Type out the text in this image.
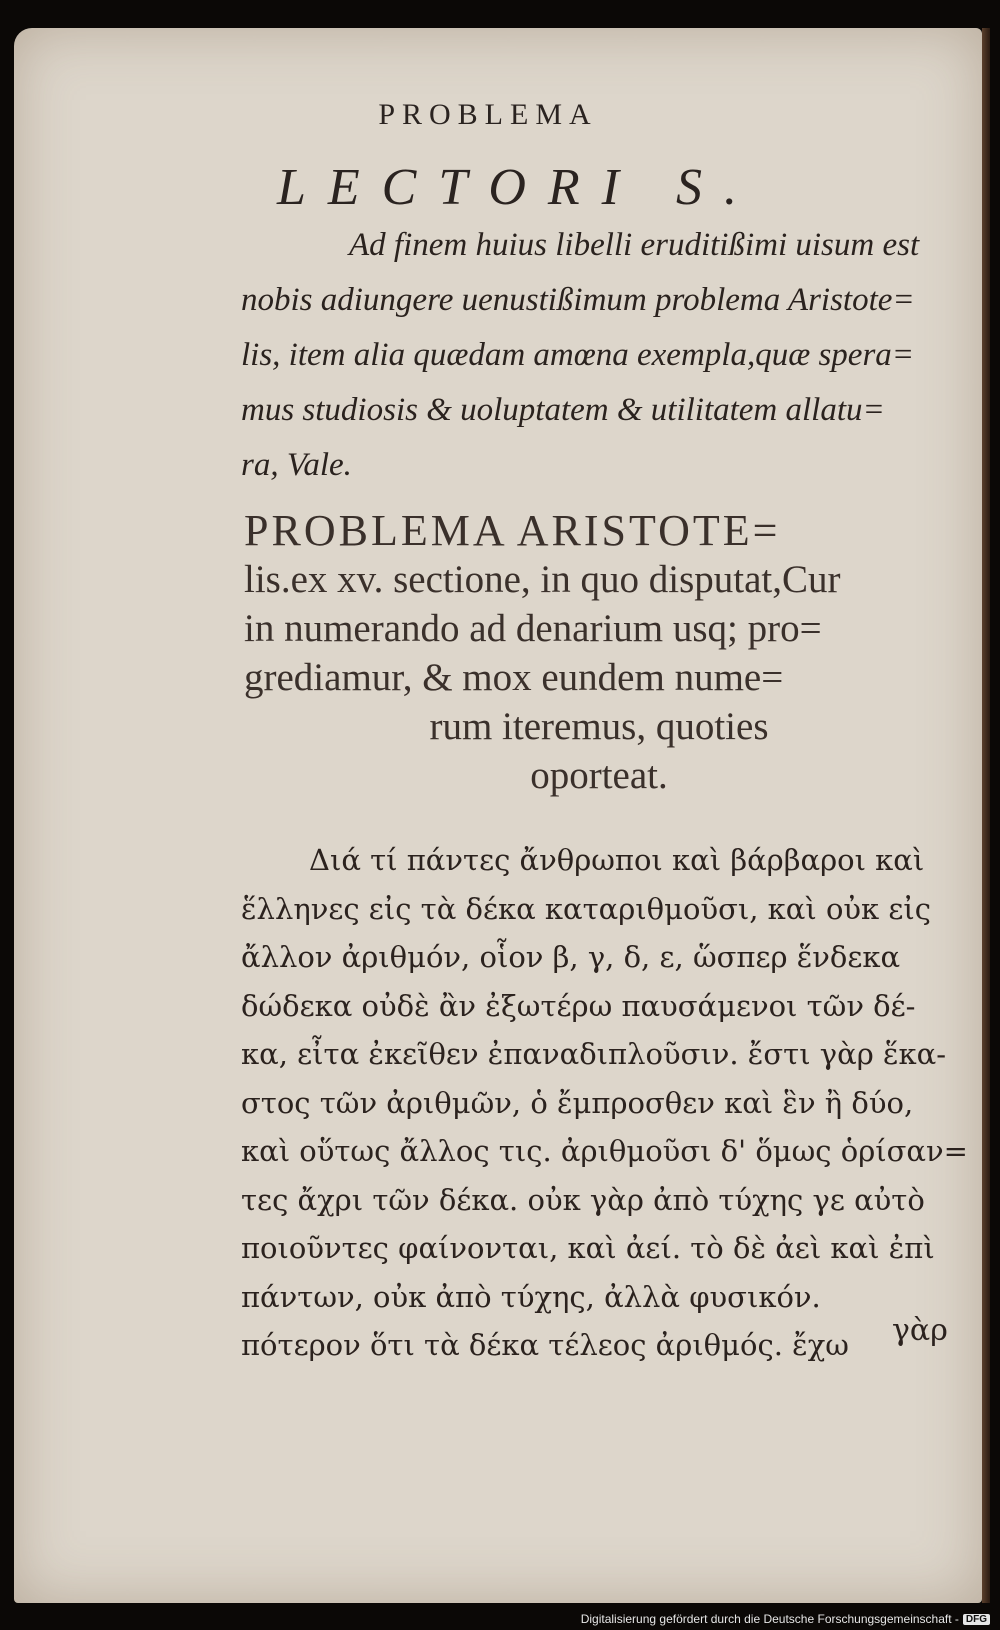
PROBLEMA
LECTORI S.

Ad finem huius libelli eruditißimi uisum est

nobis adiungere uenustißimum problema Aristote=

lis, item alia quædam amœna exempla,quæ spera=

mus studiosis & uoluptatem & utilitatem allatu=

ra, Vale.

PROBLEMA ARISTOTE=

lis.ex xv. sectione, in quo disputat,Cur

in numerando ad denarium usq; pro=

grediamur, & mox eundem nume=

rum iteremus, quoties

oporteat.

Διά τί πάντες ἄνθρωποι καὶ βάρβαροι καὶ

ἕλληνες εἰς τὰ δέκα καταριθμοῦσι, καὶ οὐκ εἰς

ἄλλον ἀριθμόν, οἷον β, γ, δ, ε, ὥσπερ ἕνδεκα

δώδεκα οὐδὲ ἂν ἐξωτέρω παυσάμενοι τῶν δέ-

κα, εἶτα ἐκεῖθεν ἐπαναδιπλοῦσιν. ἔστι γὰρ ἕκα-

στος τῶν ἀριθμῶν, ὁ ἔμπροσθεν καὶ ἓν ἢ δύο,

καὶ οὕτως ἄλλος τις. ἀριθμοῦσι δ' ὅμως ὁρίσαν=

τες ἄχρι τῶν δέκα. οὐκ γὰρ ἀπὸ τύχης γε αὐτὸ

ποιοῦντες φαίνονται, καὶ ἀεί. τὸ δὲ ἀεὶ καὶ ἐπὶ

πάντων, οὐκ ἀπὸ τύχης, ἀλλὰ φυσικόν.

πότερον ὅτι τὰ δέκα τέλεος ἀριθμός. ἔχω	γὰρ
Digitalisierung gefördert durch die Deutsche Forschungsgemeinschaft - DFG
